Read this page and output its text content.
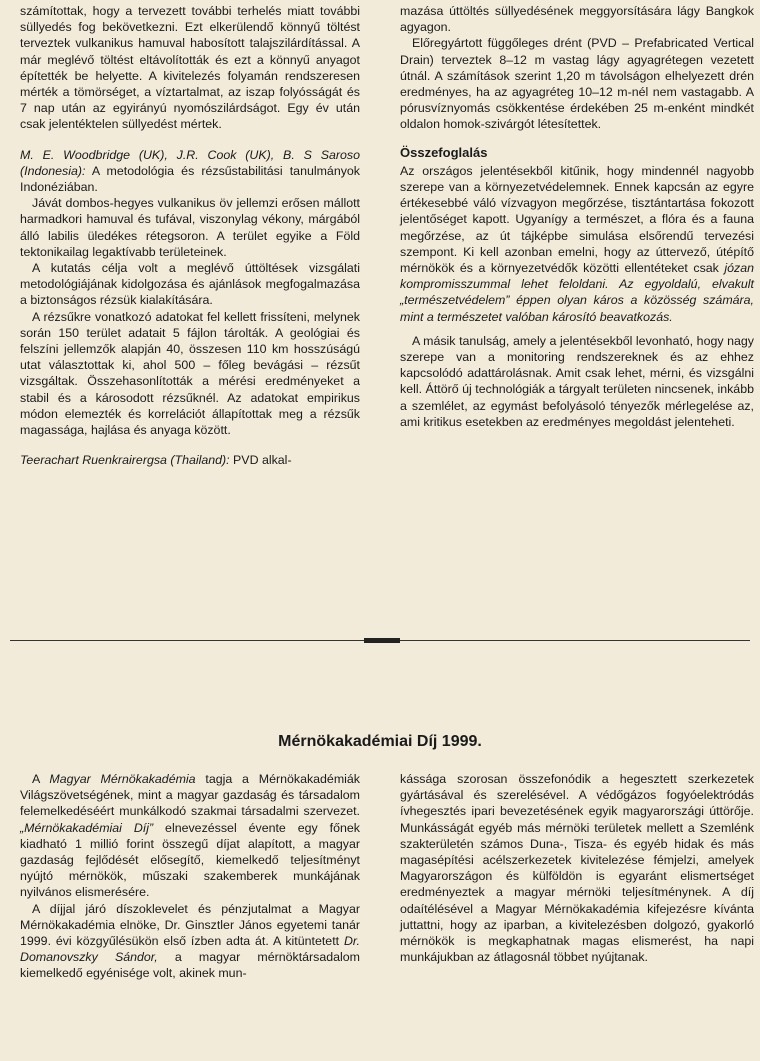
számítottak, hogy a tervezett további terhelés miatt további süllyedés fog bekövetkezni. Ezt elkerülendő könnyű töltést terveztek vulkanikus hamuval habosított talajszilárdítással. A már meglévő töltést eltávolították és ezt a könnyű anyagot építették be helyette. A kivitelezés folyamán rendszeresen mérték a tömörséget, a víztartalmat, az iszap folyósságát és 7 nap után az egyirányú nyomószilárdságot. Egy év után csak jelentéktelen süllyedést mértek.

M. E. Woodbridge (UK), J.R. Cook (UK), B. S Saroso (Indonesia): A metodológia és rézsűstabilitási tanulmányok Indonéziában.

Jávát dombos-hegyes vulkanikus öv jellemzi erősen mállott harmadkori hamuval és tufával, viszonylag vékony, márgából álló labilis üledékes rétegsoron. A terület egyike a Föld tektonikailag legaktívabb területeinek.

A kutatás célja volt a meglévő úttöltések vizsgálati metodológiájának kidolgozása és ajánlások megfogalmazása a biztonságos rézsük kialakítására.

A rézsűkre vonatkozó adatokat fel kellett frissíteni, melynek során 150 terület adatait 5 fájlon tárolták. A geológiai és felszíni jellemzők alapján 40, összesen 110 km hosszúságú utat választottak ki, ahol 500 – főleg bevágási – rézsűt vizsgáltak. Összehasonlították a mérési eredményeket a stabil és a károsodott rézsűknél. Az adatokat empirikus módon elemezték és korrelációt állapítottak meg a rézsűk magassága, hajlása és anyaga között.

Teerachart Ruenkrairergsa (Thailand): PVD alkal-

mazása úttöltés süllyedésének meggyorsítására lágy Bangkok agyagon.

Előregyártott függőleges drént (PVD – Prefabricated Vertical Drain) terveztek 8–12 m vastag lágy agyagrétegen vezetett útnál. A számítások szerint 1,20 m távolságon elhelyezett drén eredményes, ha az agyagréteg 10–12 m-nél nem vastagabb. A pórusvíznyomás csökkentése érdekében 25 m-enként mindkét oldalon homok-szivárgót létesítettek.

Összefoglalás

Az országos jelentésekből kitűnik, hogy mindennél nagyobb szerepe van a környezetvédelemnek. Ennek kapcsán az egyre értékesebbé váló vízvagyon megőrzése, tisztántartása fokozott jelentőséget kapott. Ugyanígy a természet, a flóra és a fauna megőrzése, az út tájképbe simulása elsőrendű tervezési szempont. Ki kell azonban emelni, hogy az úttervező, útépítő mérnökök és a környezetvédők közötti ellentéteket csak józan kompromisszummal lehet feloldani. Az egyoldalú, elvakult „természetvédelem” éppen olyan káros a közösség számára, mint a természetet valóban károsító beavatkozás.

A másik tanulság, amely a jelentésekből levonható, hogy nagy szerepe van a monitoring rendszereknek és az ehhez kapcsolódó adattárolásnak. Amit csak lehet, mérni, és vizsgálni kell. Áttörő új technológiák a tárgyalt területen nincsenek, inkább a szemlélet, az egymást befolyásoló tényezők mérlegelése az, ami kritikus esetekben az eredményes megoldást jelenteheti.

Mérnökakadémiai Díj 1999.

A Magyar Mérnökakadémia tagja a Mérnökakadémiák Világszövetségének, mint a magyar gazdaság és társadalom felemelkedéséért munkálkodó szakmai társadalmi szervezet. „Mérnökakadémiai Díj” elnevezéssel évente egy főnek kiadható 1 millió forint összegű díjat alapított, a magyar gazdaság fejlődését elősegítő, kiemelkedő teljesítményt nyújtó mérnökök, műszaki szakemberek munkájának nyilvános elismerésére.

A díjjal járó díszoklevelet és pénzjutalmat a Magyar Mérnökakadémia elnöke, Dr. Ginsztler János egyetemi tanár 1999. évi közgyűlésükön első ízben adta át. A kitüntetett Dr. Domanovszky Sándor, a magyar mérnöktársadalom kiemelkedő egyénisége volt, akinek mun-

kássága szorosan összefonódik a hegesztett szerkezetek gyártásával és szerelésével. A védőgázos fogyóelektródás ívhegesztés ipari bevezetésének egyik magyarországi úttörője. Munkásságát egyéb más mérnöki területek mellett a Szemlénk szakterületén számos Duna-, Tisza- és egyéb hidak és más magasépítési acélszerkezetek kivitelezése fémjelzi, amelyek Magyarországon és külföldön is egyaránt elismertséget eredményeztek a magyar mérnöki teljesítménynek. A díj odaítélésével a Magyar Mérnökakadémia kifejezésre kívánta juttattni, hogy az iparban, a kivitelezésben dolgozó, gyakorló mérnökök is megkaphatnak magas elismerést, ha napi munkájukban az átlagosnál többet nyújtanak.
